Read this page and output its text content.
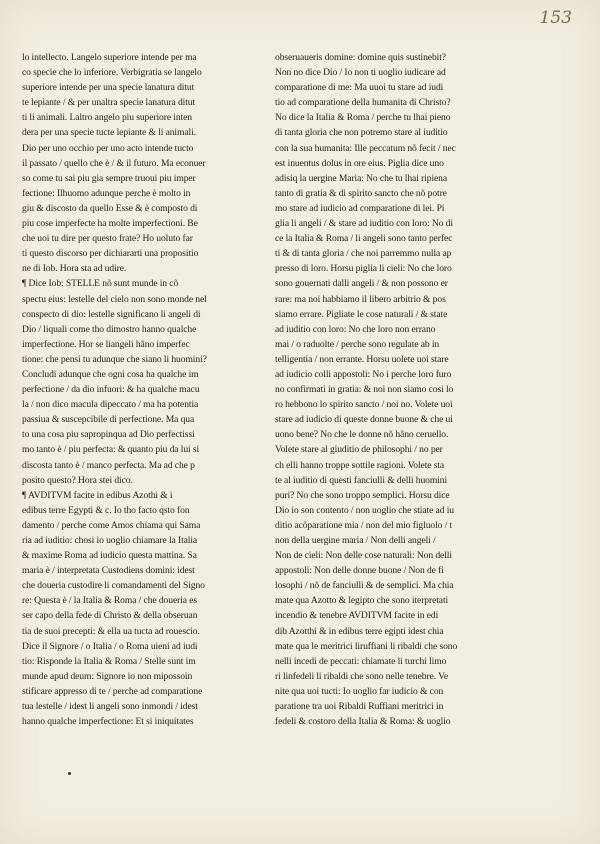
153
lo intellecto. Langelo superiore intende per ma
co specie che lo inferiore. Verbigratia se langelo
superiore intende per una specie lanatura ditut
te lepiante / & per unaltra specie lanatura ditut
ti li animali. Laltro angelo piu superiore inten
dera per una specie tucte lepiante & li animali.
Dio per uno occhio per uno acto intende tucto
il passato / quello che è / & il futuro. Ma econuer
so come tu sai piu gia sempre truoui piu imper
fectione: Ilhuomo adunque perche è molto in
giu & discosto da quello Esse & è composto di
piu cose imperfecte ha molte imperfectioni. Be
che uoi tu dire per questo frate? Ho uoluto far
ti questo discorso per dichiararti una propositio
ne di Iob. Hora sta ad udire.
¶ Dice Iob: STELLE nõ sunt munde in cõ
spectu eius: lestelle del cielo non sono monde nel
conspecto di dio: lestelle significano li angeli di
Dio / liquali come tho dimostro hanno qualche
imperfectione. Hor se liangeli hãno imperfec
tione: che pensi tu adunque che siano li huomini?
Concludi adunque che ogni cosa ha qualche im
perfectione / da dio infuori: & ha qualche macu
la / non dico macula dipeccato / ma ha potentia
passiua & suscepcibile di perfectione. Ma qua
to una cosa piu sapropinqua ad Dio perfectissi
mo tanto è / piu perfecta: & quanto piu da lui si
discosta tanto è / manco perfecta. Ma ad che p
posito questo? Hora stei dico.
¶ AVDITVM facite in edibus Azothi & i
edibus terre Egypti & c. Io tho facto qsto fon
damento / perche come Amos chiama qui Sama
ria ad iuditio: chosi io uoglio chiamare la Italia
& maxime Roma ad iudicio questa mattina. Sa
maria è / interpretata Custodiens domini: idest
che doueria custodire li comandamenti del Signo
re: Questa è / la Italia & Roma / che doueria es
ser capo della fede di Christo & della obseruan
tia de suoi precepti: & ella ua tucta ad rouescio.
Dice il Signore / o Italia / o Roma uieni ad iudi
tio: Risponde la Italia & Roma / Stelle sunt im
munde apud deum: Signore io non mipossoin
stificare appresso di te / perche ad comparatione
tua lestelle / idest li angeli sono inmondi / idest
hanno qualche imperfectione: Et si iniquitates
obseruaueris domine: domine quis sustinebit?
Non no dice Dio / Io non ti uoglio iudicare ad
comparatione di me: Ma uuoi tu stare ad iudi
tio ad comparatione della humanita di Christo?
No dice la Italia & Roma / perche tu lhai pieno
di tanta gloria che non potremo stare al iuditio
con la sua humanita: Ille peccatum nõ fecit / nec
est inuentus dolus in ore eius. Piglia dice uno
adisiq la uergine Maria: No che tu lhai ripiena
tanto di gratia & di spirito sancto che nõ potre
mo stare ad iudicio ad comparatione di lei. Pi
glia li angeli / & stare ad iuditio con loro: No di
ce la Italia & Roma / li angeli sono tanto perfec
ti & di tanta gloria / che noi parremmo nulla ap
presso di loro. Horsu piglia li cieli: No che loro
sono gouernati dalli angeli / & non possono er
rare: ma noi habbiamo il libero arbitrio & pos
siamo errare. Pigliate le cose naturali / & state
ad iuditio con loro: No che loro non errano
mai / o raduolte / perche sono regulate ab in
telligentia / non errante. Horsu uolete uoi stare
ad iudicio colli appostoli: No i perche loro furo
no confirmati in gratia: & noi non siamo cosi lo
ro hebbono lo spirito sancto / noi no. Volete uoi
stare ad iudicio di queste donne buone & che ui
uono bene? No che le donne nõ hãno ceruello.
Volete stare al giuditio de philosophi / no per
ch elli hanno troppe sottile ragioni. Volete sta
te al iuditio di questi fanciulli & delli huomini
puri? No che sono troppo semplici. Horsu dice
Dio io son contento / non uoglio che stiate ad iu
ditio acõparatione mia / non del mio figluolo / t
non della uergine maria / Non delli angeli /
Non de cieli: Non delle cose naturali: Non delli
appostoli: Non delle donne buone / Non de fi
losophi / nõ de fanciulli & de semplici. Ma chia
mate qua Azotto & legipto che sono iterpretati
incendio & tenebre AVDITVM facite in edi
dib Azotthi & in edibus terre egipti idest chia
mate qua le meritrici liruffiani li ribaldi che sono
nelli incedi de peccati: chiamate li turchi limo
ri linfedeli li ribaldi che sono nelle tenebre. Ve
nite qua uoi tucti: Io uoglio far iudicio & con
paratione tra uoi Ribaldi Ruffiani meritrici in
fedeli & costoro della Italia & Roma: & uoglio
